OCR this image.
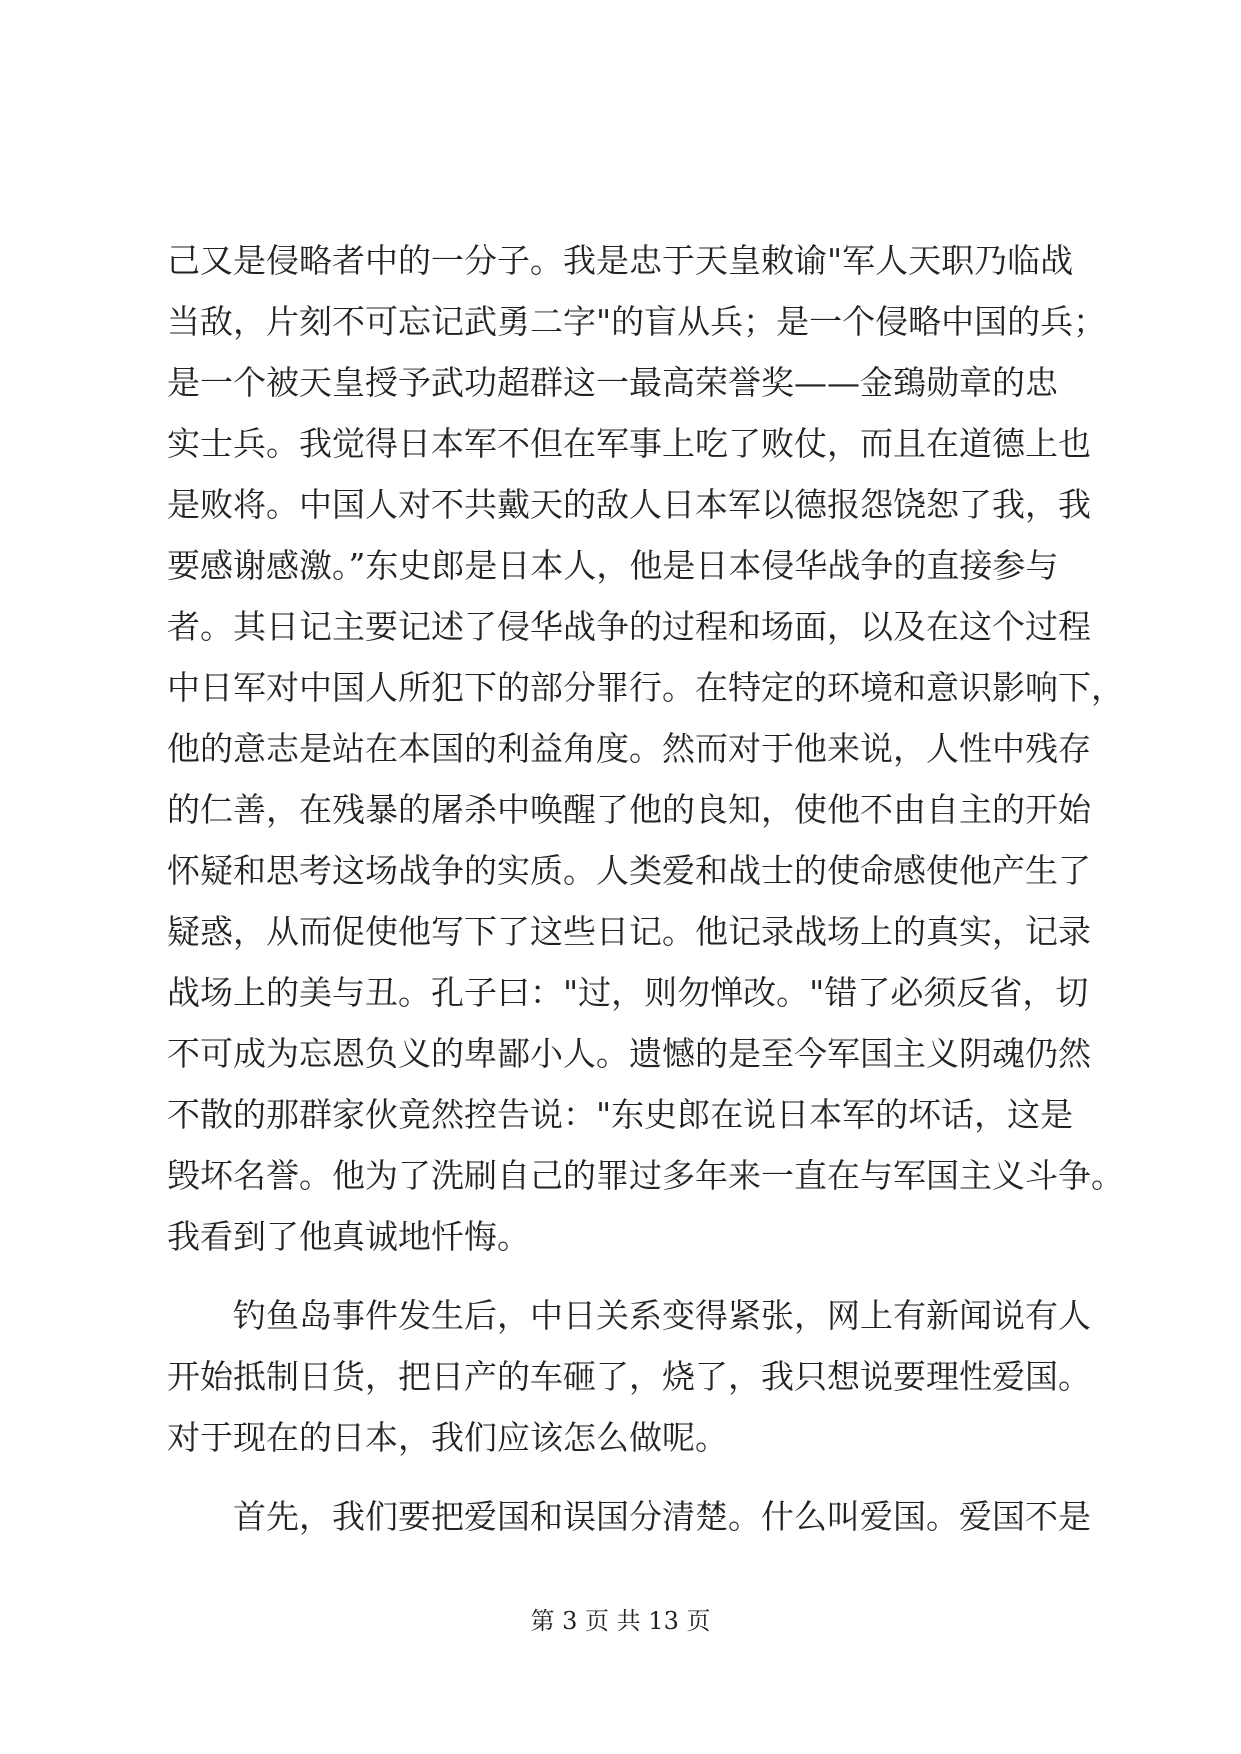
己又是侵略者中的一分子。我是忠于天皇敕谕"军人天职乃临战
当敌，片刻不可忘记武勇二字"的盲从兵；是一个侵略中国的兵；
是一个被天皇授予武功超群这一最高荣誉奖——金鵄勋章的忠
实士兵。我觉得日本军不但在军事上吃了败仗，而且在道德上也
是败将。中国人对不共戴天的敌人日本军以德报怨饶恕了我，我
要感谢感激。”东史郎是日本人，他是日本侵华战争的直接参与
者。其日记主要记述了侵华战争的过程和场面，以及在这个过程
中日军对中国人所犯下的部分罪行。在特定的环境和意识影响下，
他的意志是站在本国的利益角度。然而对于他来说，人性中残存
的仁善，在残暴的屠杀中唤醒了他的良知，使他不由自主的开始
怀疑和思考这场战争的实质。人类爱和战士的使命感使他产生了
疑惑，从而促使他写下了这些日记。他记录战场上的真实，记录
战场上的美与丑。孔子曰："过，则勿惮改。"错了必须反省，切
不可成为忘恩负义的卑鄙小人。遗憾的是至今军国主义阴魂仍然
不散的那群家伙竟然控告说："东史郎在说日本军的坏话，这是
毁坏名誉。他为了洗刷自己的罪过多年来一直在与军国主义斗争。
我看到了他真诚地忏悔。
钓鱼岛事件发生后，中日关系变得紧张，网上有新闻说有人
开始抵制日货，把日产的车砸了，烧了，我只想说要理性爱国。
对于现在的日本，我们应该怎么做呢。
首先，我们要把爱国和误国分清楚。什么叫爱国。爱国不是
第 3 页 共 13 页
